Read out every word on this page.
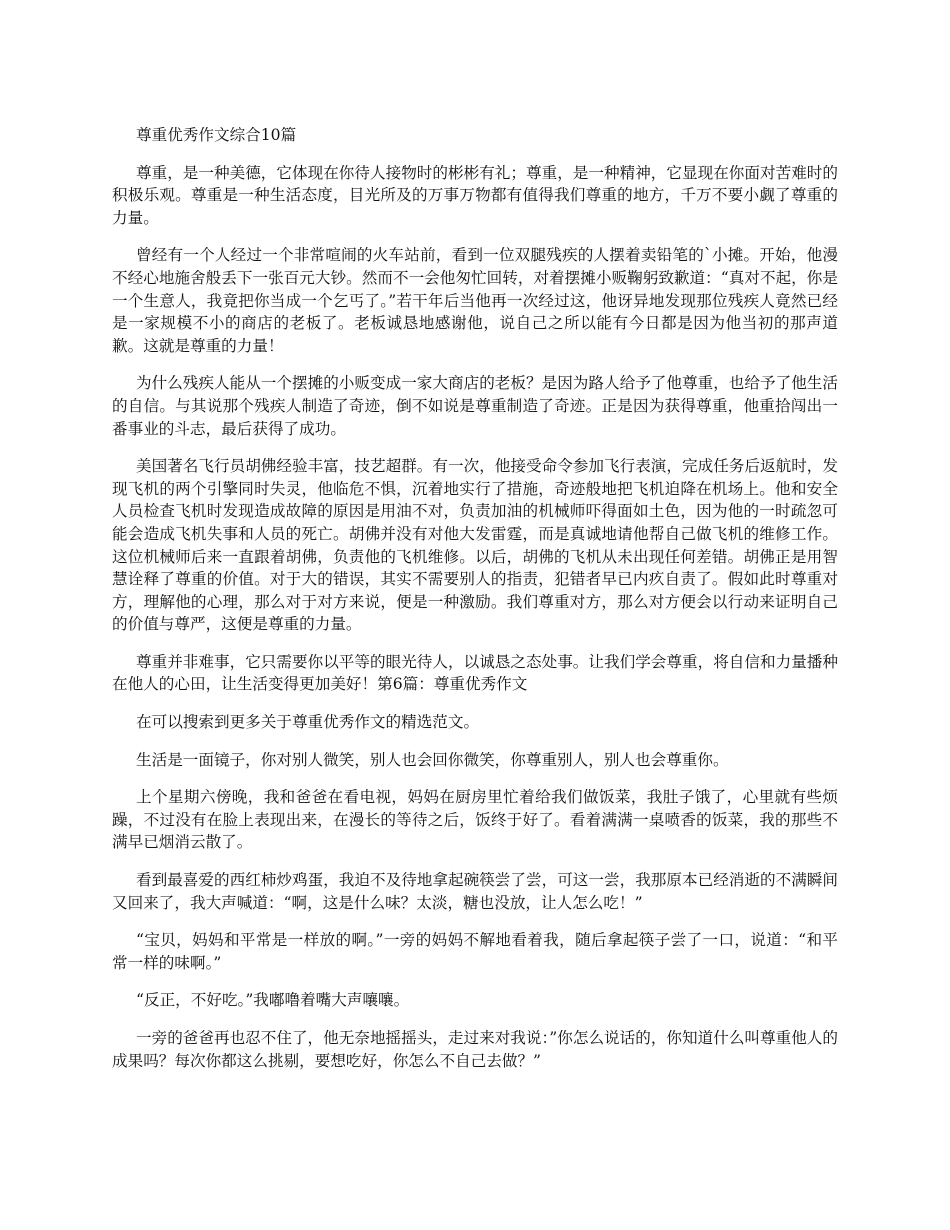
尊重优秀作文综合10篇

尊重，是一种美德，它体现在你待人接物时的彬彬有礼；尊重，是一种精神，它显现在你面对苦难时的积极乐观。尊重是一种生活态度，目光所及的万事万物都有值得我们尊重的地方，千万不要小觑了尊重的力量。

曾经有一个人经过一个非常喧闹的火车站前，看到一位双腿残疾的人摆着卖铅笔的`小摊。开始，他漫不经心地施舍般丢下一张百元大钞。然而不一会他匆忙回转，对着摆摊小贩鞠躬致歉道：“真对不起，你是一个生意人，我竟把你当成一个乞丐了。”若干年后当他再一次经过这，他讶异地发现那位残疾人竟然已经是一家规模不小的商店的老板了。老板诚恳地感谢他，说自己之所以能有今日都是因为他当初的那声道歉。这就是尊重的力量！

为什么残疾人能从一个摆摊的小贩变成一家大商店的老板？是因为路人给予了他尊重，也给予了他生活的自信。与其说那个残疾人制造了奇迹，倒不如说是尊重制造了奇迹。正是因为获得尊重，他重拾闯出一番事业的斗志，最后获得了成功。

美国著名飞行员胡佛经验丰富，技艺超群。有一次，他接受命令参加飞行表演，完成任务后返航时，发现飞机的两个引擎同时失灵，他临危不惧，沉着地实行了措施，奇迹般地把飞机迫降在机场上。他和安全人员检查飞机时发现造成故障的原因是用油不对，负责加油的机械师吓得面如土色，因为他的一时疏忽可能会造成飞机失事和人员的死亡。胡佛并没有对他大发雷霆，而是真诚地请他帮自己做飞机的维修工作。这位机械师后来一直跟着胡佛，负责他的飞机维修。以后，胡佛的飞机从未出现任何差错。胡佛正是用智慧诠释了尊重的价值。对于大的错误，其实不需要别人的指责，犯错者早已内疚自责了。假如此时尊重对方，理解他的心理，那么对于对方来说，便是一种激励。我们尊重对方，那么对方便会以行动来证明自己的价值与尊严，这便是尊重的力量。

尊重并非难事，它只需要你以平等的眼光待人，以诚恳之态处事。让我们学会尊重，将自信和力量播种在他人的心田，让生活变得更加美好！第6篇：尊重优秀作文

在可以搜索到更多关于尊重优秀作文的精选范文。

生活是一面镜子，你对别人微笑，别人也会回你微笑，你尊重别人，别人也会尊重你。

上个星期六傍晚，我和爸爸在看电视，妈妈在厨房里忙着给我们做饭菜，我肚子饿了，心里就有些烦躁，不过没有在脸上表现出来，在漫长的等待之后，饭终于好了。看着满满一桌喷香的饭菜，我的那些不满早已烟消云散了。

看到最喜爱的西红柿炒鸡蛋，我迫不及待地拿起碗筷尝了尝，可这一尝，我那原本已经消逝的不满瞬间又回来了，我大声喊道：“啊，这是什么味？太淡，糖也没放，让人怎么吃！”

“宝贝，妈妈和平常是一样放的啊。”一旁的妈妈不解地看着我，随后拿起筷子尝了一口，说道：“和平常一样的味啊。”

“反正，不好吃。”我嘟噜着嘴大声嚷嚷。

一旁的爸爸再也忍不住了，他无奈地摇摇头，走过来对我说：”你怎么说话的，你知道什么叫尊重他人的成果吗？每次你都这么挑剔，要想吃好，你怎么不自己去做？”
